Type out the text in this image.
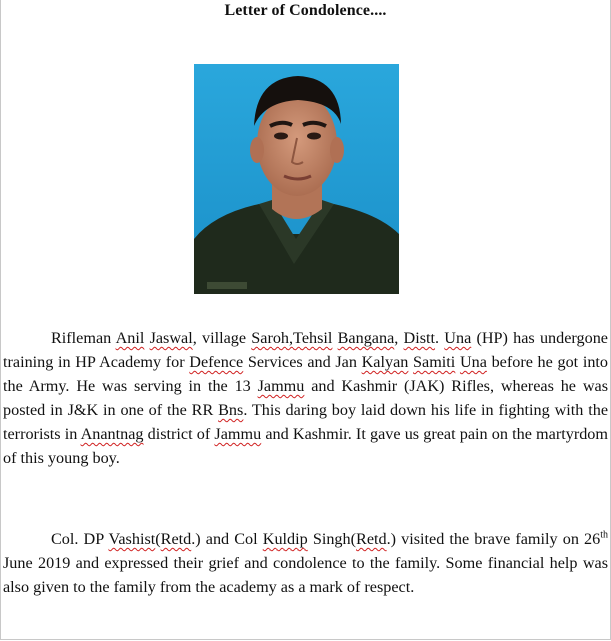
Letter of Condolence....
Rifleman Anil Jaswal, village Saroh,Tehsil Bangana, Distt. Una (HP) has undergone training in HP Academy for Defence Services and Jan Kalyan Samiti Una before he got into the Army. He was serving in the 13 Jammu and Kashmir (JAK) Rifles, whereas he was posted in J&K in one of the RR Bns. This daring boy laid down his life in fighting with the terrorists in Anantnag district of Jammu and Kashmir. It gave us great pain on the martyrdom of this young boy.
Col. DP Vashist(Retd.) and Col Kuldip Singh(Retd.) visited the brave family on 26th June 2019 and expressed their grief and condolence to the family. Some financial help was also given to the family from the academy as a mark of respect.
